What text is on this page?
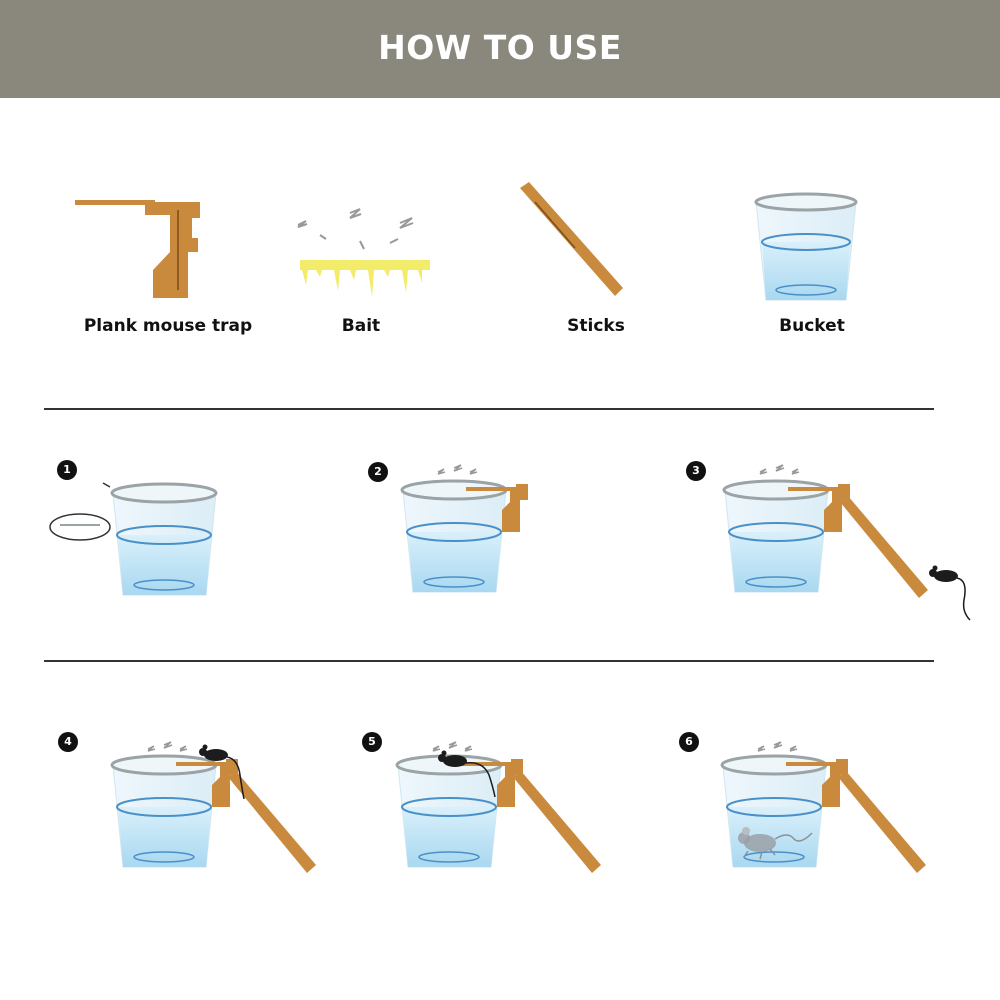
HOW TO USE
Plank mouse trap	Bait	Sticks	Bucket
1	2	3
4	5	6
